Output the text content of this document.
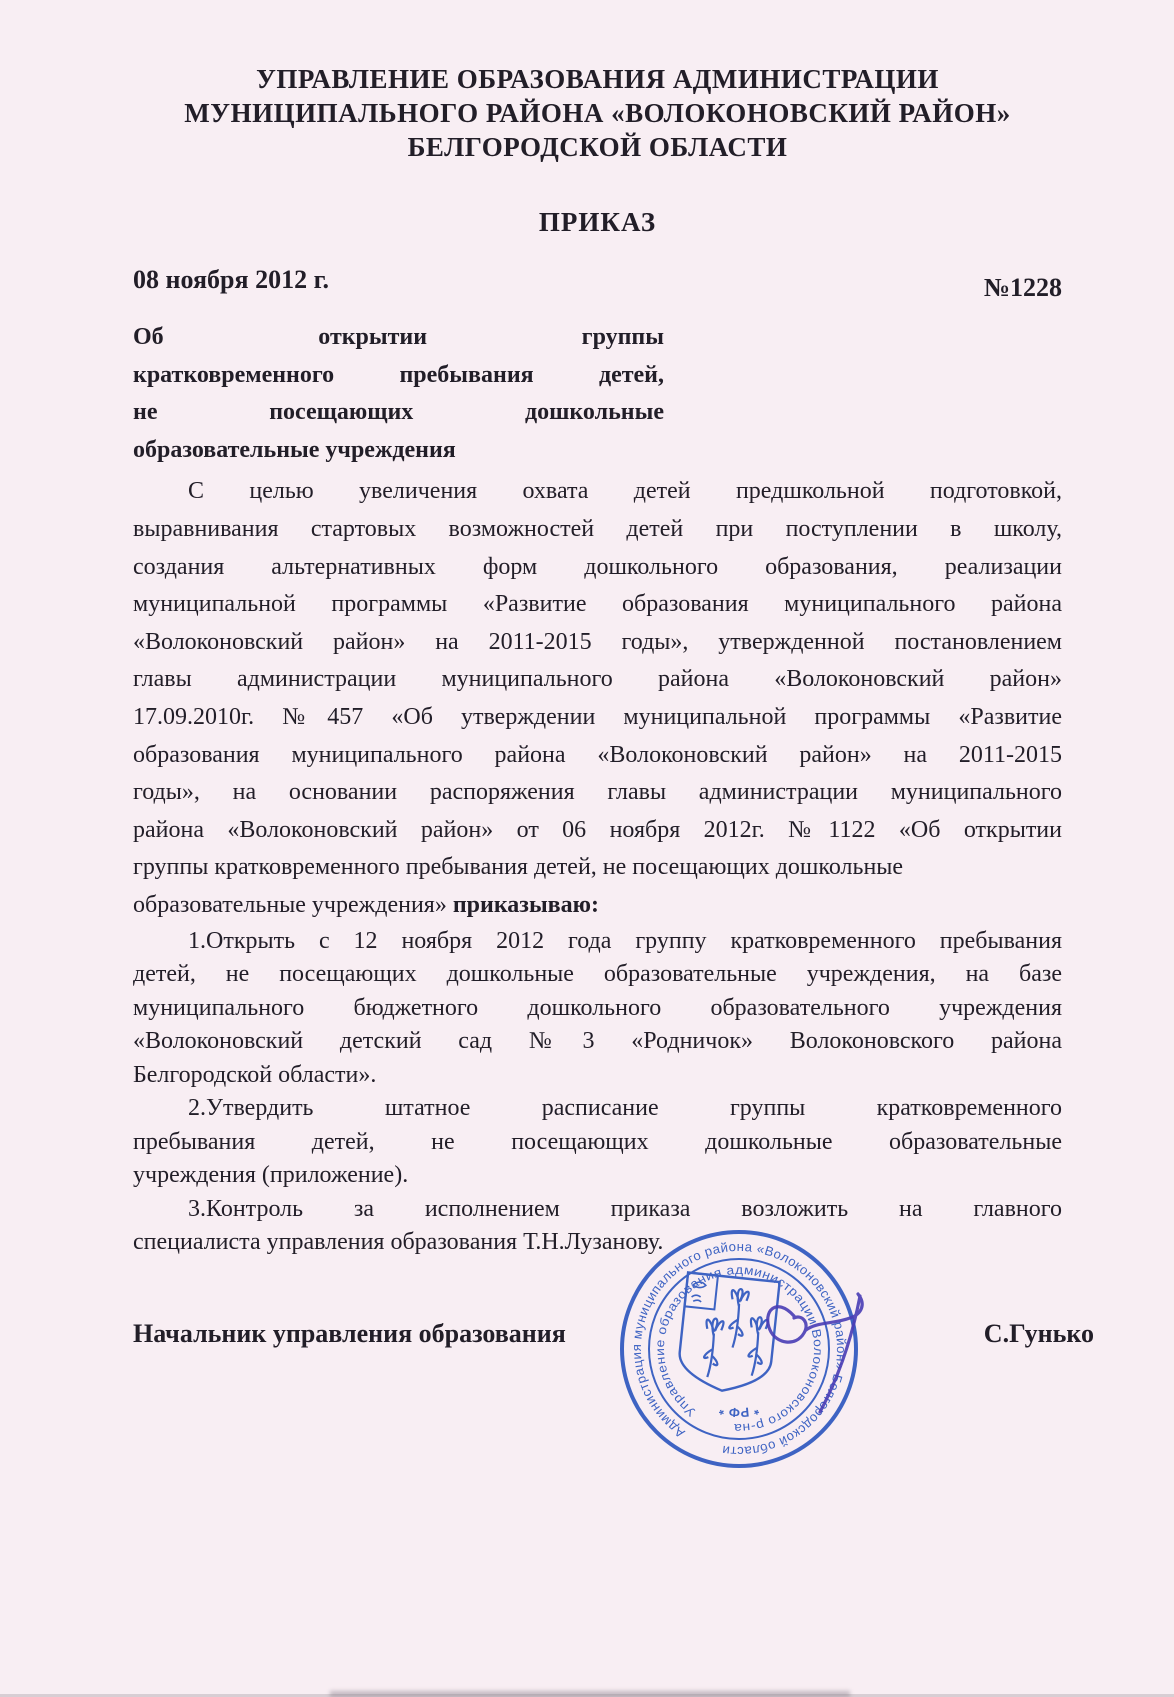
УПРАВЛЕНИЕ ОБРАЗОВАНИЯ АДМИНИСТРАЦИИ
МУНИЦИПАЛЬНОГО РАЙОНА «ВОЛОКОНОВСКИЙ РАЙОН»
БЕЛГОРОДСКОЙ ОБЛАСТИ
ПРИКАЗ
08 ноября 2012 г.	№1228
Об открытии группы
кратковременного пребывания детей,
не посещающих дошкольные
образовательные учреждения
С целью увеличения охвата детей предшкольной подготовкой,
выравнивания стартовых возможностей детей при поступлении в школу,
создания альтернативных форм дошкольного образования, реализации
муниципальной программы «Развитие образования муниципального района
«Волоконовский район» на 2011-2015 годы», утвержденной постановлением
главы администрации муниципального района «Волоконовский район»
17.09.2010г. №457 «Об утверждении муниципальной программы «Развитие
образования муниципального района «Волоконовский район» на 2011-2015
годы», на основании распоряжения главы администрации муниципального
района «Волоконовский район» от 06 ноября 2012г. №1122 «Об открытии
группы кратковременного пребывания детей, не посещающих дошкольные
образовательные учреждения» приказываю:
1.Открыть с 12 ноября 2012 года группу кратковременного пребывания
детей, не посещающих дошкольные образовательные учреждения, на базе
муниципального бюджетного дошкольного образовательного учреждения
«Волоконовский детский сад №3 «Родничок» Волоконовского района
Белгородской области».
2.Утвердить штатное расписание группы кратковременного
пребывания детей, не посещающих дошкольные образовательные
учреждения (приложение).
3.Контроль за исполнением приказа возложить на главного
специалиста управления образования Т.Н.Лузанову.
Начальник управления образования	С.Гунько
Администрация муниципального района «Волоконовский район» Белгородской области
Управление образования администрации Волоконовского р-на
* РФ *
